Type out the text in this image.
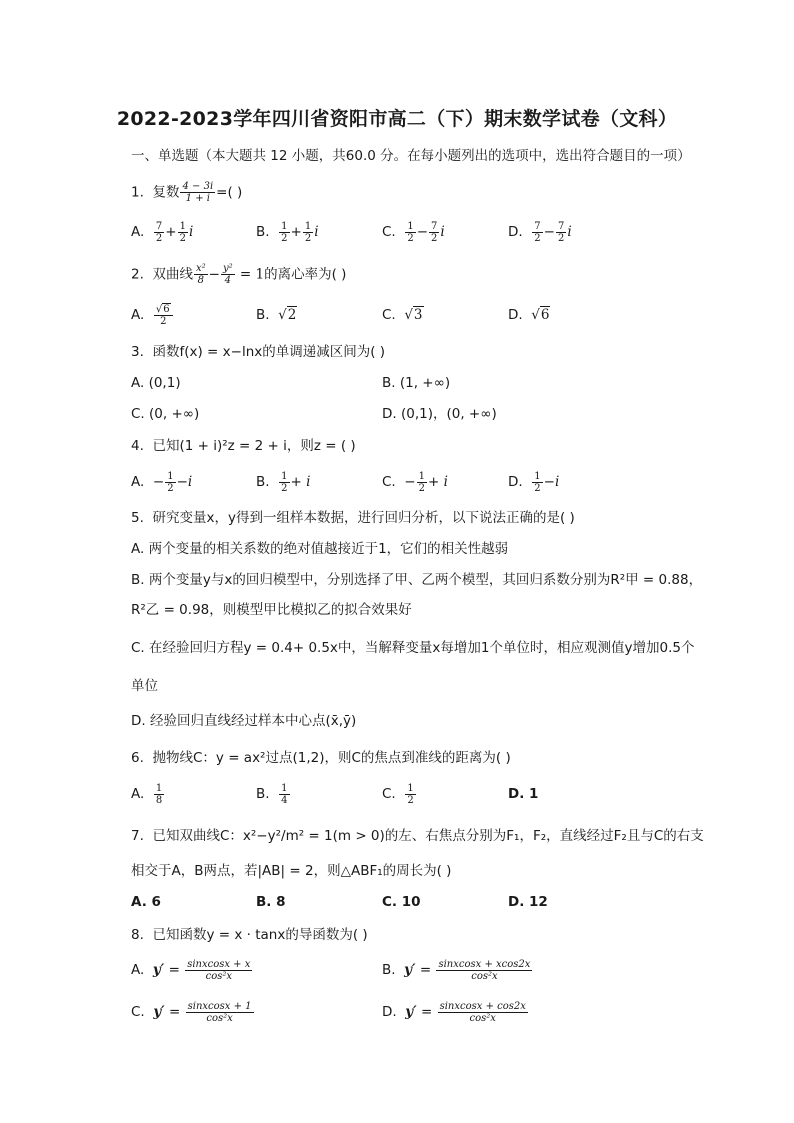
2022-2023学年四川省资阳市高二（下）期末数学试卷（文科）
一、单选题（本大题共 12 小题，共60.0 分。在每小题列出的选项中，选出符合题目的一项）
1. 复数 $\frac{4 - 3i}{1 + i}$ =( )
A. $\frac{7}{2} + \frac{1}{2}$ i	B. $\frac{1}{2} + \frac{1}{2}$ i	C. $\frac{1}{2} - \frac{7}{2}$ i	D. $\frac{7}{2} - \frac{7}{2}$ i
2. 双曲线 $\frac{\text{x²}}{8} - \frac{\text{y²}}{4} = 1$的离心率为( )
A. $\frac{√6}{2}$	B. √2	C. √3	D. √6
3. 函数f(x) = x−lnx的单调递减区间为( )
A. (0,1)	B. (1, +∞)
C. (0, +∞)	D. (0,1)，(0, +∞)
4. 已知(1 + i)²z = 2 + i，则z = ( )
A.  − $\frac{1}{2} -i$	B. $\frac{1}{2} + i$	C.  − $\frac{1}{2} + i$	D. $\frac{1}{2} -i$
5. 研究变量x，y得到一组样本数据，进行回归分析，以下说法正确的是( )
A. 两个变量的相关系数的绝对值越接近于1，它们的相关性越弱
B. 两个变量y与x的回归模型中，分别选择了甲、乙两个模型，其回归系数分别为R²甲 = 0.88，
R²乙 = 0.98，则模型甲比模拟乙的拟合效果好
C. 在经验回归方程y = 0.4+ 0.5x中，当解释变量x每增加1个单位时，相应观测值y增加0.5个
单位
D. 经验回归直线经过样本中心点(x̄,ȳ)
6. 抛物线C：y = ax²过点(1,2)，则C的焦点到准线的距离为( )
A. $\frac{1}{8}$	B. $\frac{1}{4}$	C. $\frac{1}{2}$	D. 1
7. 已知双曲线C：x²−y²/m² = 1(m > 0)的左、右焦点分别为F₁，F₂，直线经过F₂且与C的右支
相交于A，B两点，若|AB| = 2，则△ABF₁的周长为( )
A. 6	B. 8	C. 10	D. 12
8. 已知函数y = x · tanx的导函数为( )
A. $y' = \frac{\text{sinxcosx + x}}{\text{cos²x}}$	B. $y' = \frac{\text{sinxcosx + xcos2x}}{\text{cos²x}}$
C. $y' = \frac{\text{sinxcosx + 1}}{\text{cos²x}}$	D. $y' = \frac{\text{sinxcosx + cos2x}}{\text{cos²x}}$
